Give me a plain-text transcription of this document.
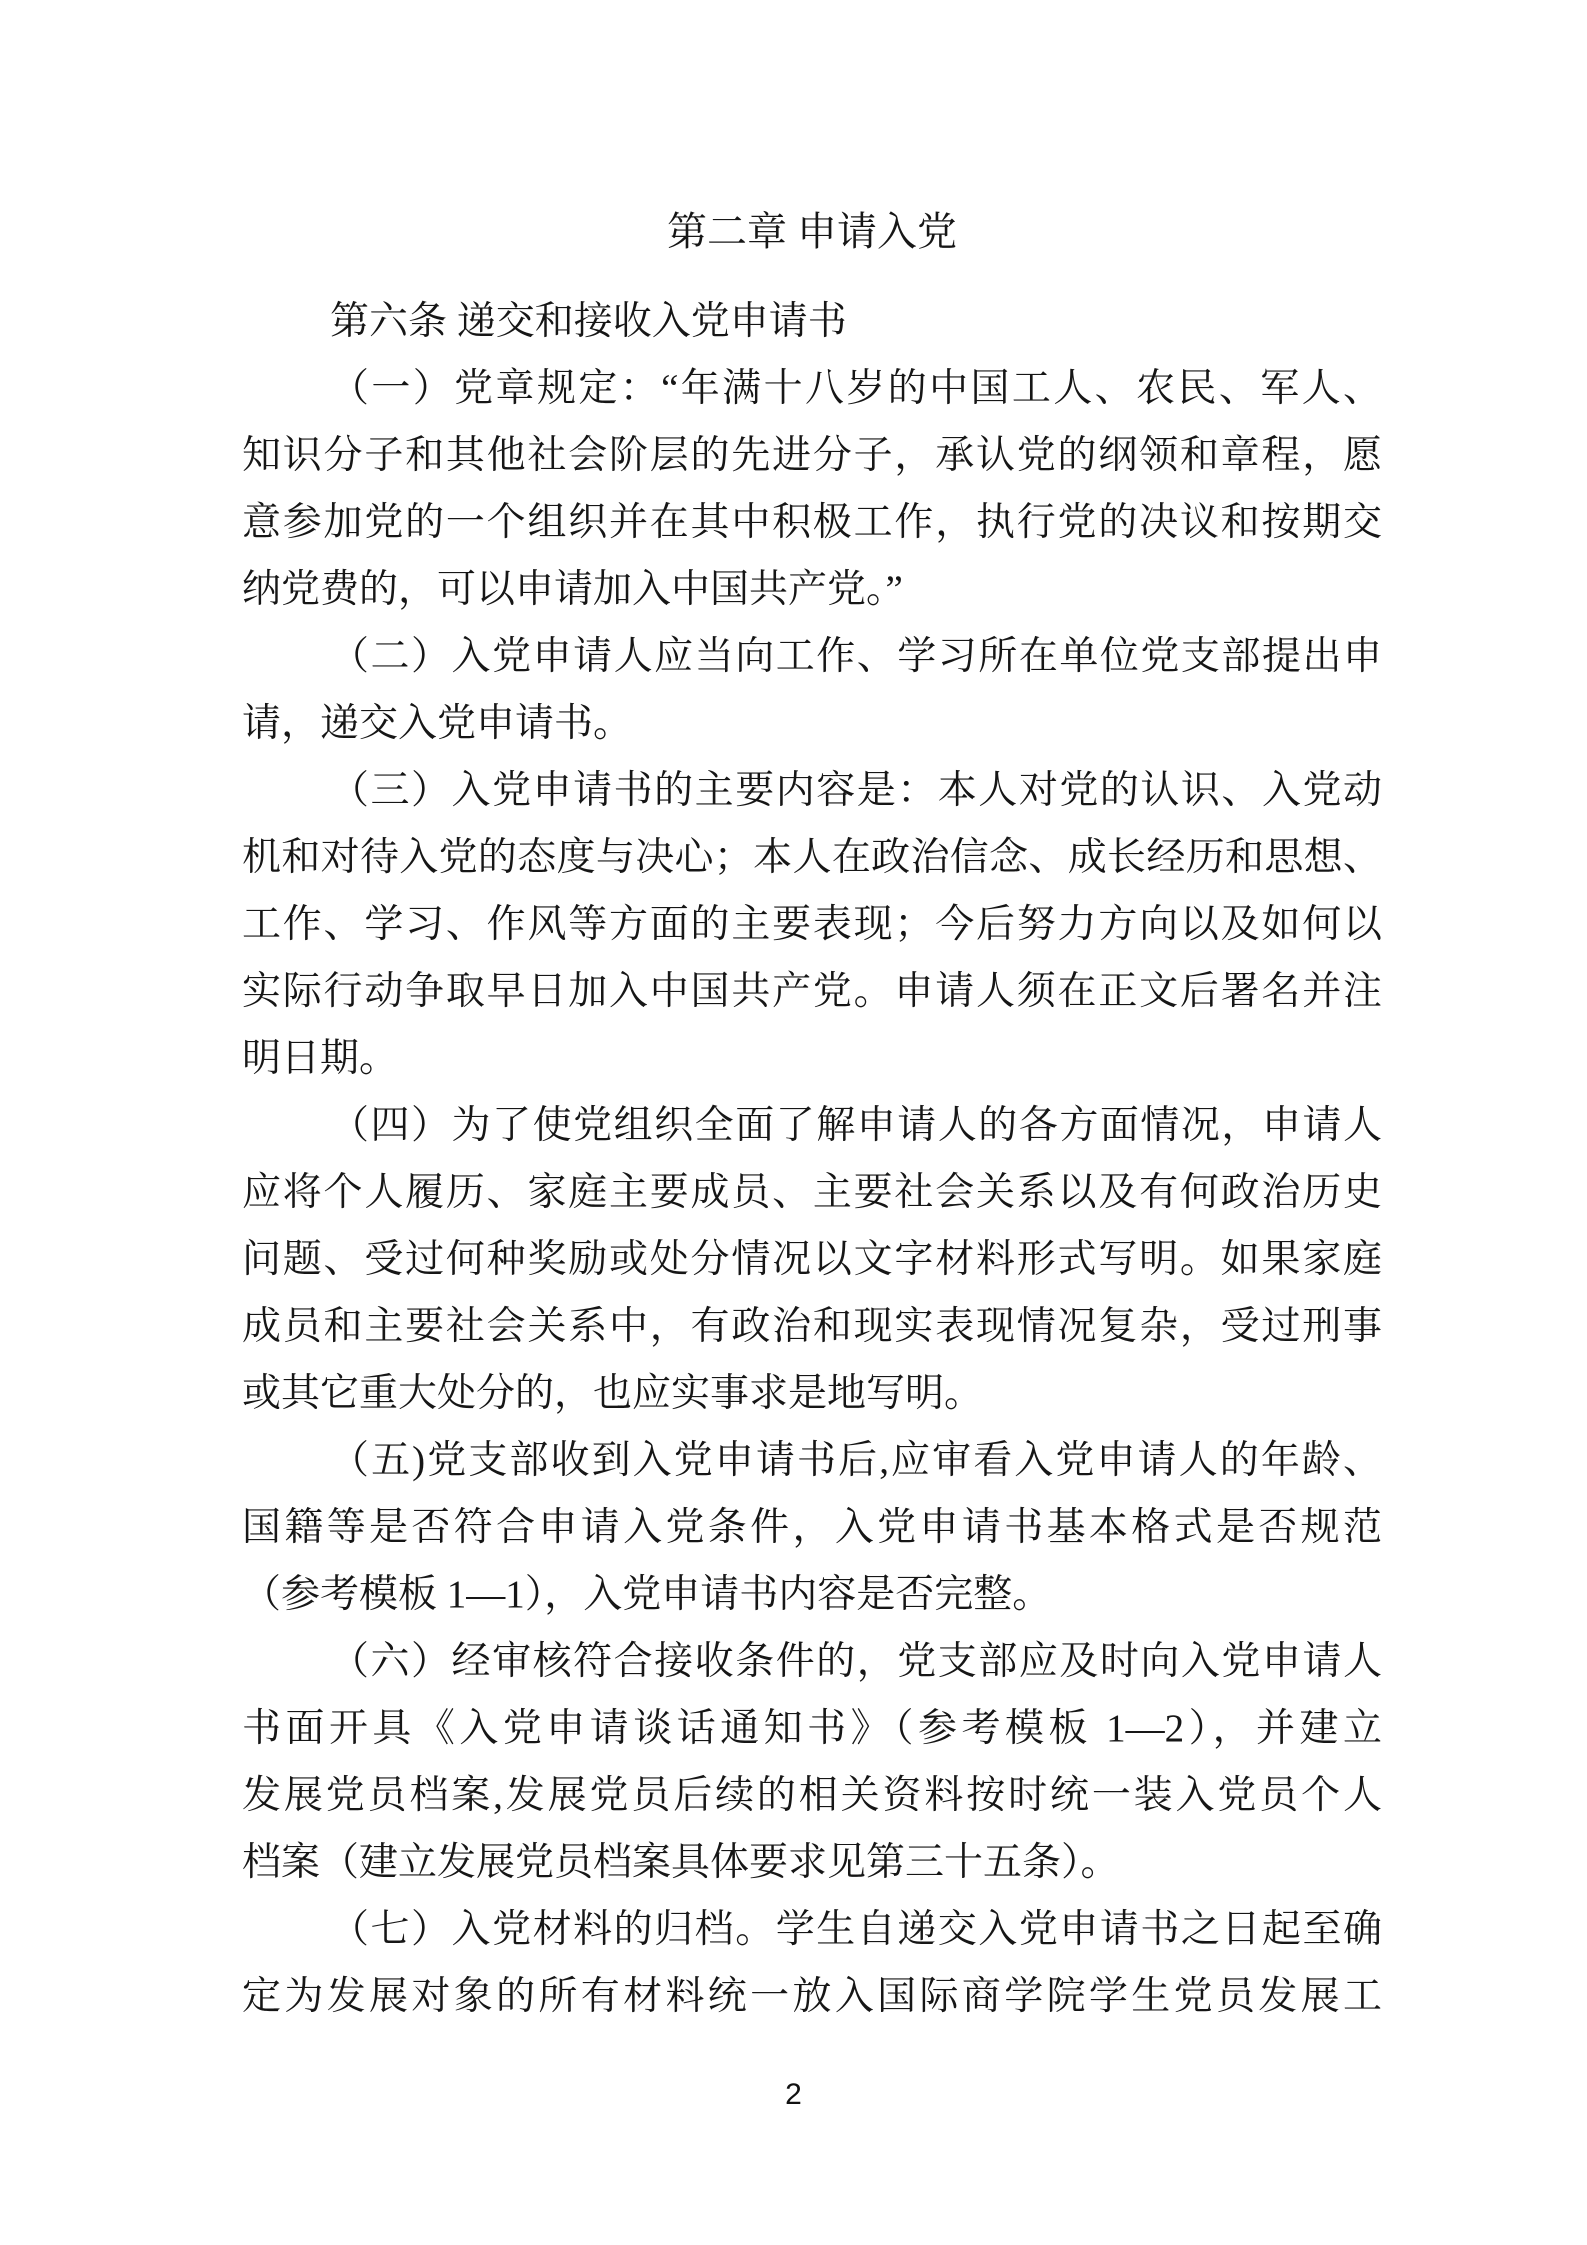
第二章 申请入党
第六条 递交和接收入党申请书
（一）党章规定：“年满十八岁的中国工人、农民、军人、
知识分子和其他社会阶层的先进分子，承认党的纲领和章程，愿
意参加党的一个组织并在其中积极工作，执行党的决议和按期交
纳党费的，可以申请加入中国共产党。”
（二）入党申请人应当向工作、学习所在单位党支部提出申
请，递交入党申请书。
（三）入党申请书的主要内容是：本人对党的认识、入党动
机和对待入党的态度与决心；本人在政治信念、成长经历和思想、
工作、学习、作风等方面的主要表现；今后努力方向以及如何以
实际行动争取早日加入中国共产党。申请人须在正文后署名并注
明日期。
（四）为了使党组织全面了解申请人的各方面情况，申请人
应将个人履历、家庭主要成员、主要社会关系以及有何政治历史
问题、受过何种奖励或处分情况以文字材料形式写明。如果家庭
成员和主要社会关系中，有政治和现实表现情况复杂，受过刑事
或其它重大处分的，也应实事求是地写明。
（五)党支部收到入党申请书后,应审看入党申请人的年龄、
国籍等是否符合申请入党条件，入党申请书基本格式是否规范
（参考模板 1—1），入党申请书内容是否完整。
（六）经审核符合接收条件的，党支部应及时向入党申请人
书面开具《入党申请谈话通知书》（参考模板 1—2），并建立
发展党员档案,发展党员后续的相关资料按时统一装入党员个人
档案（建立发展党员档案具体要求见第三十五条）。
（七）入党材料的归档。学生自递交入党申请书之日起至确
定为发展对象的所有材料统一放入国际商学院学生党员发展工
2
